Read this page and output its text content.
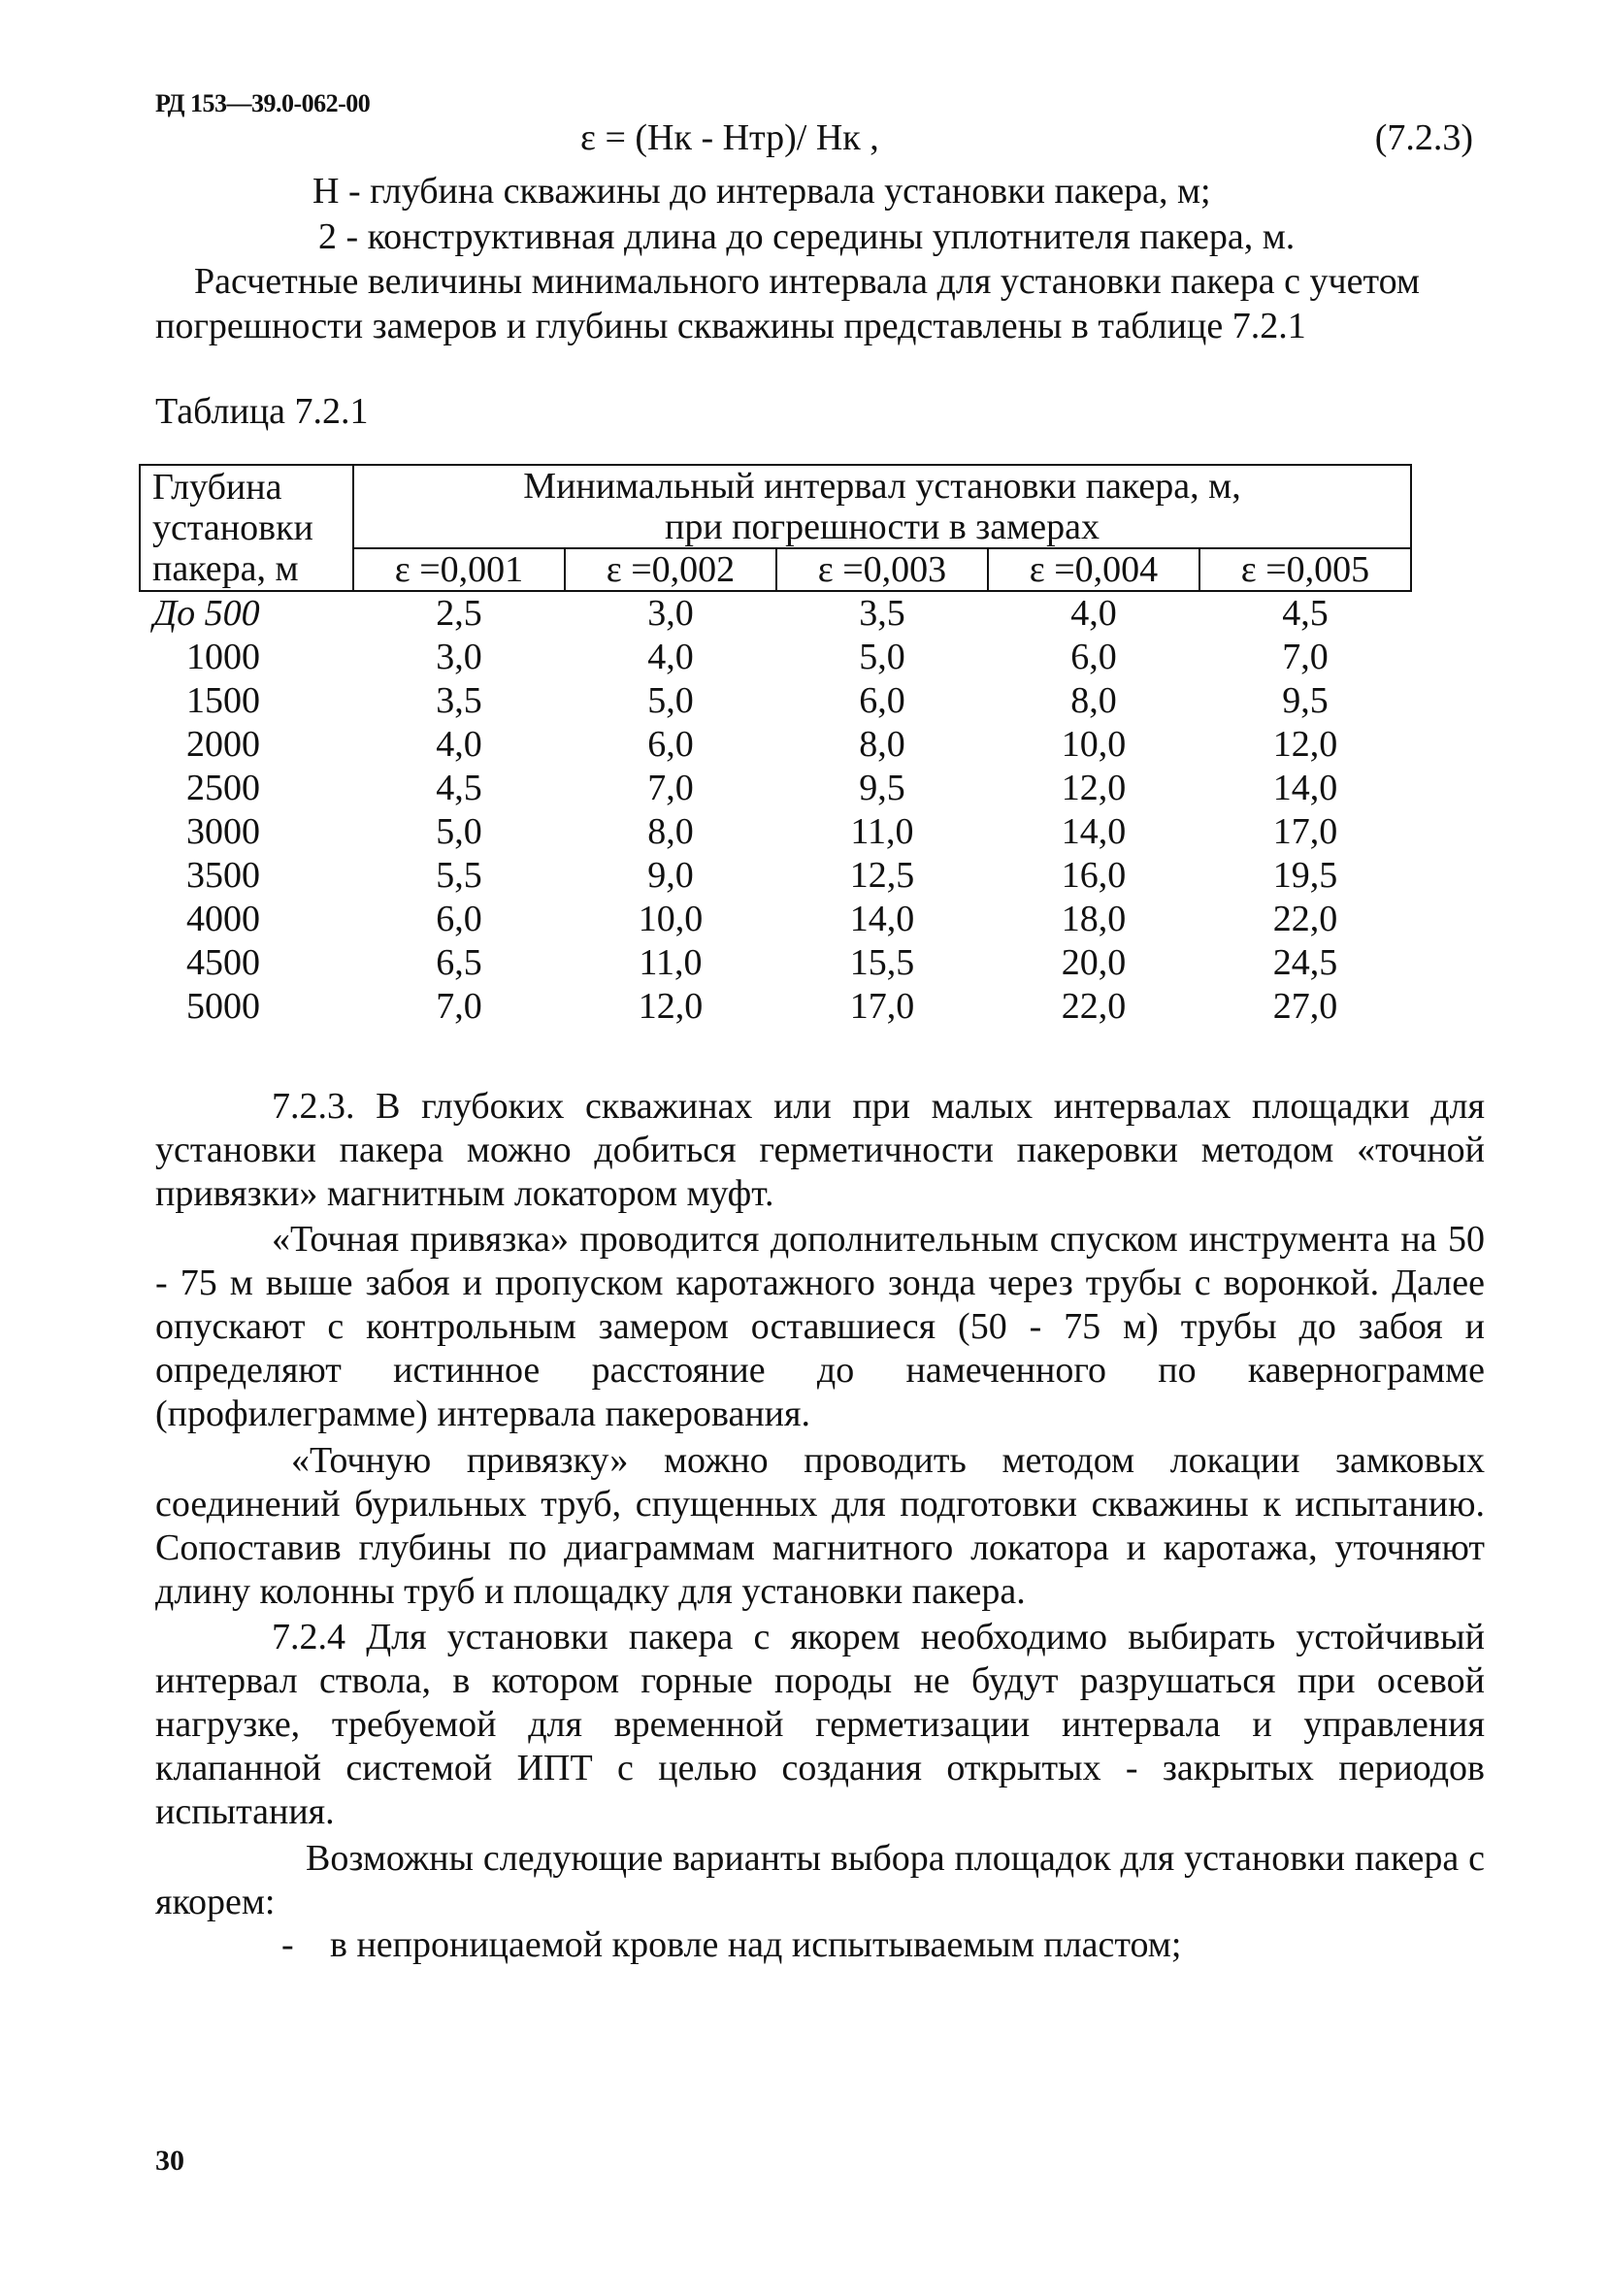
РД 153—39.0-062-00
ε = (Hк - Hтр)/ Hк ,	(7.2.3)
Н - глубина скважины до интервала установки пакера, м;
2 - конструктивная длина до середины уплотнителя пакера, м.
Расчетные величины минимального интервала для установки пакера с учетом
погрешности замеров и глубины скважины представлены в таблице 7.2.1
Таблица 7.2.1
Глубина
установки
пакера, м	Минимальный интервал установки пакера, м,
при погрешности в замерах				
	ε =0,001	ε =0,002	ε =0,003	ε =0,004	ε =0,005
До 500	2,5	3,0	3,5	4,0	4,5
1000	3,0	4,0	5,0	6,0	7,0
1500	3,5	5,0	6,0	8,0	9,5
2000	4,0	6,0	8,0	10,0	12,0
2500	4,5	7,0	9,5	12,0	14,0
3000	5,0	8,0	11,0	14,0	17,0
3500	5,5	9,0	12,5	16,0	19,5
4000	6,0	10,0	14,0	18,0	22,0
4500	6,5	11,0	15,5	20,0	24,5
5000	7,0	12,0	17,0	22,0	27,0
7.2.3. В глубоких скважинах или при малых интервалах площадки для установки пакера можно добиться герметичности пакеровки методом «точной привязки» магнитным локатором муфт.
«Точная привязка» проводится дополнительным спуском инструмента на 50 - 75 м выше забоя и пропуском каротажного зонда через трубы с воронкой. Далее опускают с контрольным замером оставшиеся (50 - 75 м) трубы до забоя и определяют истинное расстояние до намеченного по кавернограмме (профилеграмме) интервала пакерования.
«Точную привязку» можно проводить методом локации замковых соединений бурильных труб, спущенных для подготовки скважины к испытанию. Сопоставив глубины по диаграммам магнитного локатора и каротажа, уточняют длину колонны труб и площадку для установки пакера.
7.2.4 Для установки пакера с якорем необходимо выбирать устойчивый интервал ствола, в котором горные породы не будут разрушаться при осевой нагрузке, требуемой для временной герметизации интервала и управления клапанной системой ИПТ с целью создания открытых - закрытых периодов испытания.
Возможны следующие варианты выбора площадок для установки пакера с якорем:
- в непроницаемой кровле над испытываемым пластом;
30
